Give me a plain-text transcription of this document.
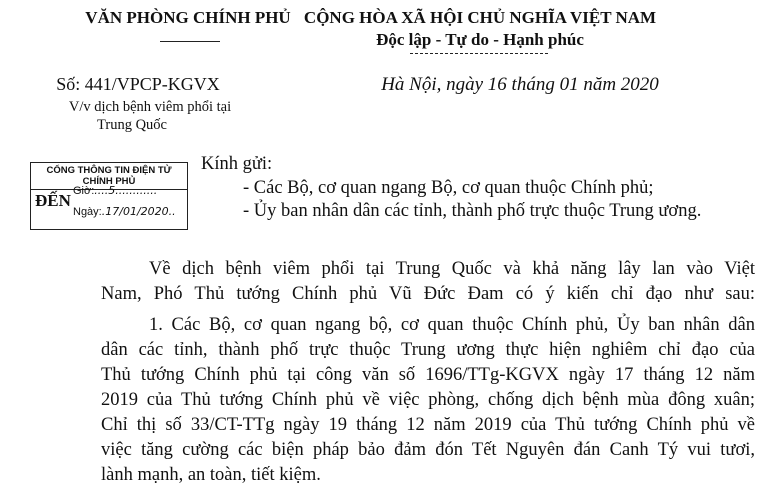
VĂN PHÒNG CHÍNH PHỦ CỘNG HÒA XÃ HỘI CHỦ NGHĨA VIỆT NAM
Độc lập - Tự do - Hạnh phúc
Số: 441/VPCP-KGVX
V/v dịch bệnh viêm phổi tại
Trung Quốc
Hà Nội, ngày 16 tháng 01 năm 2020
CỔNG THÔNG TIN ĐIỆN TỬ CHÍNH PHỦ
ĐẾN Giờ:....5............
Ngày:.17/01/2020..
Kính gửi:
- Các Bộ, cơ quan ngang Bộ, cơ quan thuộc Chính phủ;
- Ủy ban nhân dân các tỉnh, thành phố trực thuộc Trung ương.
Về dịch bệnh viêm phổi tại Trung Quốc và khả năng lây lan vào Việt
Nam, Phó Thủ tướng Chính phủ Vũ Đức Đam có ý kiến chỉ đạo như sau:
1. Các Bộ, cơ quan ngang bộ, cơ quan thuộc Chính phủ, Ủy ban nhân dân
dân các tỉnh, thành phố trực thuộc Trung ương thực hiện nghiêm chỉ đạo của
Thủ tướng Chính phủ tại công văn số 1696/TTg-KGVX ngày 17 tháng 12 năm
2019 của Thủ tướng Chính phủ về việc phòng, chống dịch bệnh mùa đông xuân;
Chỉ thị số 33/CT-TTg ngày 19 tháng 12 năm 2019 của Thủ tướng Chính phủ về
việc tăng cường các biện pháp bảo đảm đón Tết Nguyên đán Canh Tý vui tươi,
lành mạnh, an toàn, tiết kiệm.
